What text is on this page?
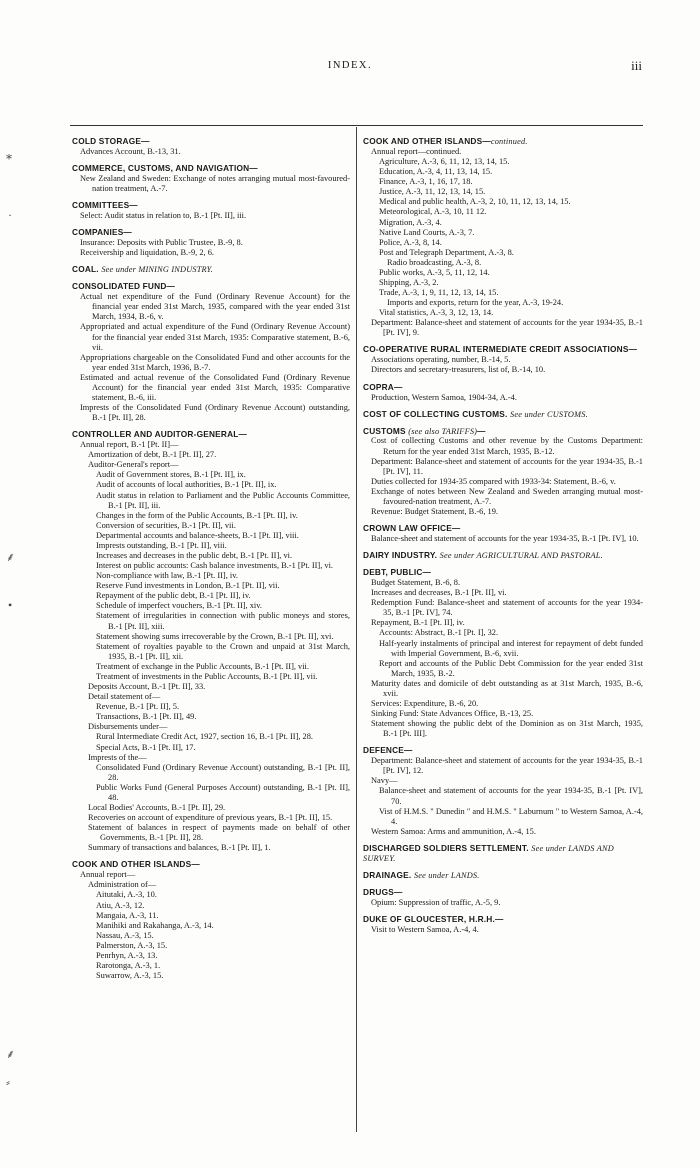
INDEX.	iii
COLD STORAGE—
Advances Account, B.-13, 31.
COMMERCE, CUSTOMS, AND NAVIGATION—
New Zealand and Sweden: Exchange of notes arranging mutual most-favoured-nation treatment, A.-7.
COMMITTEES—
Select: Audit status in relation to, B.-1 [Pt. II], iii.
COMPANIES—
Insurance: Deposits with Public Trustee, B.-9, 8.
Receivership and liquidation, B.-9, 2, 6.
COAL. See under MINING INDUSTRY.
CONSOLIDATED FUND—
Actual net expenditure of the Fund (Ordinary Revenue Account) for the financial year ended 31st March, 1935, compared with the year ended 31st March, 1934, B.-6, v.
Appropriated and actual expenditure of the Fund (Ordinary Revenue Account) for the financial year ended 31st March, 1935: Comparative statement, B.-6, vii.
Appropriations chargeable on the Consolidated Fund and other accounts for the year ended 31st March, 1936, B.-7.
Estimated and actual revenue of the Consolidated Fund (Ordinary Revenue Account) for the financial year ended 31st March, 1935: Comparative statement, B.-6, iii.
Imprests of the Consolidated Fund (Ordinary Revenue Account) outstanding, B.-1 [Pt. II], 28.
CONTROLLER AND AUDITOR-GENERAL—
Annual report, B.-1 [Pt. II]—
Amortization of debt, B.-1 [Pt. II], 27.
Auditor-General's report—
Audit of Government stores, B.-1 [Pt. II], ix.
Audit of accounts of local authorities, B.-1 [Pt. II], ix.
Audit status in relation to Parliament and the Public Accounts Committee, B.-1 [Pt. II], iii.
Changes in the form of the Public Accounts, B.-1 [Pt. II], iv.
Conversion of securities, B.-1 [Pt. II], vii.
Departmental accounts and balance-sheets, B.-1 [Pt. II], viii.
Imprests outstanding, B.-1 [Pt. II], viii.
Increases and decreases in the public debt, B.-1 [Pt. II], vi.
Interest on public accounts: Cash balance investments, B.-1 [Pt. II], vi.
Non-compliance with law, B.-1 [Pt. II], iv.
Reserve Fund investments in London, B.-1 [Pt. II], vii.
Repayment of the public debt, B.-1 [Pt. II], iv.
Schedule of imperfect vouchers, B.-1 [Pt. II], xiv.
Statement of irregularities in connection with public moneys and stores, B.-1 [Pt. II], xiii.
Statement showing sums irrecoverable by the Crown, B.-1 [Pt. II], xvi.
Statement of royalties payable to the Crown and unpaid at 31st March, 1935, B.-1 [Pt. II], xii.
Treatment of exchange in the Public Accounts, B.-1 [Pt. II], vii.
Treatment of investments in the Public Accounts, B.-1 [Pt. II], vii.
Deposits Account, B.-1 [Pt. II], 33.
Detail statement of—
Revenue, B.-1 [Pt. II], 5.
Transactions, B.-1 [Pt. II], 49.
Disbursements under—
Rural Intermediate Credit Act, 1927, section 16, B.-1 [Pt. II], 28.
Special Acts, B.-1 [Pt. II], 17.
Imprests of the—
Consolidated Fund (Ordinary Revenue Account) outstanding, B.-1 [Pt. II], 28.
Public Works Fund (General Purposes Account) outstanding, B.-1 [Pt. II], 48.
Local Bodies' Accounts, B.-1 [Pt. II], 29.
Recoveries on account of expenditure of previous years, B.-1 [Pt. II], 15.
Statement of balances in respect of payments made on behalf of other Governments, B.-1 [Pt. II], 28.
Summary of transactions and balances, B.-1 [Pt. II], 1.
COOK AND OTHER ISLANDS—
Annual report—
Administration of—
Aitutaki, A.-3, 10.
Atiu, A.-3, 12.
Mangaia, A.-3, 11.
Manihiki and Rakahanga, A.-3, 14.
Nassau, A.-3, 15.
Palmerston, A.-3, 15.
Penrhyn, A.-3, 13.
Rarotonga, A.-3, 1.
Suwarrow, A.-3, 15.
COOK AND OTHER ISLANDS—continued.
Annual report—continued.
Agriculture, A.-3, 6, 11, 12, 13, 14, 15.
Education, A.-3, 4, 11, 13, 14, 15.
Finance, A.-3, 1, 16, 17, 18.
Justice, A.-3, 11, 12, 13, 14, 15.
Medical and public health, A.-3, 2, 10, 11, 12, 13, 14, 15.
Meteorological, A.-3, 10, 11 12.
Migration, A.-3, 4.
Native Land Courts, A.-3, 7.
Police, A.-3, 8, 14.
Post and Telegraph Department, A.-3, 8.
Radio broadcasting, A.-3, 8.
Public works, A.-3, 5, 11, 12, 14.
Shipping, A.-3, 2.
Trade, A.-3, 1, 9, 11, 12, 13, 14, 15.
Imports and exports, return for the year, A.-3, 19-24.
Vital statistics, A.-3, 3, 12, 13, 14.
Department: Balance-sheet and statement of accounts for the year 1934-35, B.-1 [Pt. IV], 9.
CO-OPERATIVE RURAL INTERMEDIATE CREDIT ASSOCIATIONS—
Associations operating, number, B.-14, 5.
Directors and secretary-treasurers, list of, B.-14, 10.
COPRA—
Production, Western Samoa, 1904-34, A.-4.
COST OF COLLECTING CUSTOMS. See under CUSTOMS.
CUSTOMS (see also TARIFFS)—
Cost of collecting Customs and other revenue by the Customs Department: Return for the year ended 31st March, 1935, B.-12.
Department: Balance-sheet and statement of accounts for the year 1934-35, B.-1 [Pt. IV], 11.
Duties collected for 1934-35 compared with 1933-34: Statement, B.-6, v.
Exchange of notes between New Zealand and Sweden arranging mutual most-favoured-nation treatment, A.-7.
Revenue: Budget Statement, B.-6, 19.
CROWN LAW OFFICE—
Balance-sheet and statement of accounts for the year 1934-35, B.-1 [Pt. IV], 10.
DAIRY INDUSTRY. See under AGRICULTURAL AND PASTORAL.
DEBT, PUBLIC—
Budget Statement, B.-6, 8.
Increases and decreases, B.-1 [Pt. II], vi.
Redemption Fund: Balance-sheet and statement of accounts for the year 1934-35, B.-1 [Pt. IV], 74.
Repayment, B.-1 [Pt. II], iv.
Accounts: Abstract, B.-1 [Pt. I], 32.
Half-yearly instalments of principal and interest for repayment of debt funded with Imperial Government, B.-6, xvii.
Report and accounts of the Public Debt Commission for the year ended 31st March, 1935, B.-2.
Maturity dates and domicile of debt outstanding as at 31st March, 1935, B.-6, xvii.
Services: Expenditure, B.-6, 20.
Sinking Fund: State Advances Office, B.-13, 25.
Statement showing the public debt of the Dominion as on 31st March, 1935, B.-1 [Pt. III].
DEFENCE—
Department: Balance-sheet and statement of accounts for the year 1934-35, B.-1 [Pt. IV], 12.
Navy—
Balance-sheet and statement of accounts for the year 1934-35, B.-1 [Pt. IV], 70.
Vist of H.M.S. " Dunedin " and H.M.S. " Laburnum " to Western Samoa, A.-4, 4.
Western Samoa: Arms and ammunition, A.-4, 15.
DISCHARGED SOLDIERS SETTLEMENT. See under LANDS AND SURVEY.
DRAINAGE. See under LANDS.
DRUGS—
Opium: Suppression of traffic, A.-5, 9.
DUKE OF GLOUCESTER, H.R.H.—
Visit to Western Samoa, A.-4, 4.
⁎
·
⸙
•
⸙
⸗
